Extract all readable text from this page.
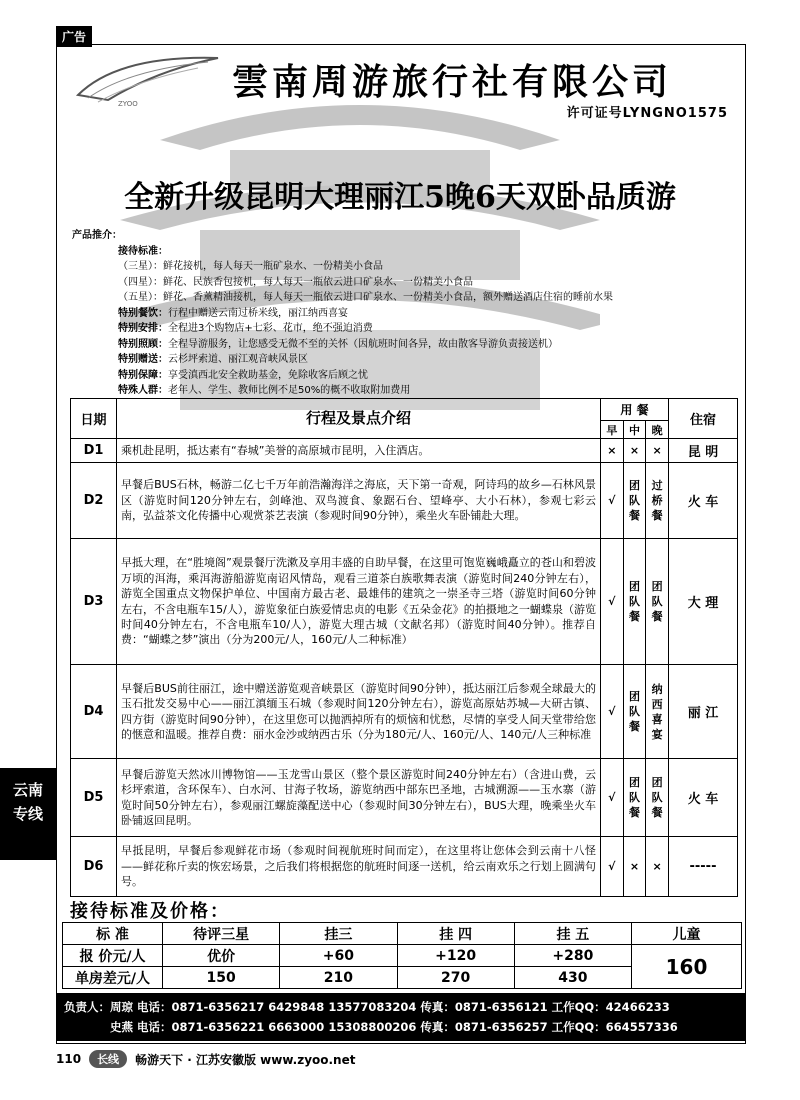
广告
ZYOO
雲南周游旅行社有限公司
许可证号LYNGNO1575
全新升级昆明大理丽江5晚6天双卧品质游
产品推介：
接待标准：
（三星）：鲜花接机，每人每天一瓶矿泉水、一份精美小食品
（四星）：鲜花、民族香包接机，每人每天一瓶依云进口矿泉水、一份精美小食品
（五星）：鲜花、香薰精油接机，每人每天一瓶依云进口矿泉水、一份精美小食品，额外赠送酒店住宿的睡前水果
特别餐饮：行程中赠送云南过桥米线，丽江纳西喜宴
特别安排：全程进3个购物店+七彩、花市，绝不强迫消费
特别照顾：全程导游服务，让您感受无微不至的关怀（因航班时间各异，故由散客导游负责接送机）
特别赠送：云杉坪索道、丽江观音峡风景区
特别保障：享受滇西北安全救助基金，免除收客后顾之忧
特殊人群：老年人、学生、教师比例不足50%的概不收取附加费用
日期	行程及景点介绍	用 餐			住宿
		早	中	晚	
D1	乘机赴昆明，抵达素有“春城”美誉的高原城市昆明，入住酒店。	×	×	×	昆 明
D2	早餐后BUS石林，畅游二亿七千万年前浩瀚海洋之海底，天下第一奇观，阿诗玛的故乡—石林风景区（游览时间120分钟左右，剑峰池、双鸟渡食、象踞石台、望峰亭、大小石林），参观七彩云南，弘益茶文化传播中心观赏茶艺表演（参观时间90分钟），乘坐火车卧铺赴大理。	√	团队餐	过桥餐	火 车
D3	早抵大理，在“胜境阁”观景餐厅洗漱及享用丰盛的自助早餐，在这里可饱览巍峨矗立的苍山和碧波万顷的洱海，乘洱海游船游览南诏风情岛，观看三道茶白族歌舞表演（游览时间240分钟左右），游览全国重点文物保护单位、中国南方最古老、最雄伟的建筑之一崇圣寺三塔（游览时间60分钟左右，不含电瓶车15/人），游览象征白族爱情忠贞的电影《五朵金花》的拍摄地之一蝴蝶泉（游览时间40分钟左右，不含电瓶车10/人），游览大理古城（文献名邦）（游览时间40分钟）。推荐自费：“蝴蝶之梦”演出（分为200元/人，160元/人二种标准）	√	团队餐	团队餐	大 理
D4	早餐后BUS前往丽江，途中赠送游览观音峡景区（游览时间90分钟），抵达丽江后参观全球最大的玉石批发交易中心——丽江滇缅玉石城（参观时间120分钟左右），游览高原姑苏城—大研古镇、四方街（游览时间90分钟），在这里您可以抛洒掉所有的烦恼和忧愁，尽情的享受人间天堂带给您的惬意和温暖。推荐自费：丽水金沙或纳西古乐（分为180元/人、160元/人、140元/人三种标准	√	团队餐	纳西喜宴	丽 江
D5	早餐后游览天然冰川博物馆——玉龙雪山景区（整个景区游览时间240分钟左右）（含进山费，云杉坪索道，含环保车）、白水河、甘海子牧场，游览纳西中部东巴圣地，古城溯源——玉水寨（游览时间50分钟左右），参观丽江螺旋藻配送中心（参观时间30分钟左右），BUS大理，晚乘坐火车卧铺返回昆明。	√	团队餐	团队餐	火 车
D6	早抵昆明，早餐后参观鲜花市场（参观时间视航班时间而定），在这里将让您体会到云南十八怪——鲜花称斤卖的恢宏场景，之后我们将根据您的航班时间逐一送机，给云南欢乐之行划上圆满句号。	√	×	×	-----
接待标准及价格：
标 准	待评三星	挂三	挂 四	挂 五	儿童
报 价元/人	优价	+60	+120	+280	160
单房差元/人	150	210	270	430	
负责人：周琼 电话：0871-6356217 6429848 13577083204 传真：0871-6356121 工作QQ：42466233
史燕 电话：0871-6356221 6663000 15308800206 传真：0871-6356257 工作QQ：664557336
云南
专线
110	长线	畅游天下 · 江苏安徽版 www.zyoo.net
